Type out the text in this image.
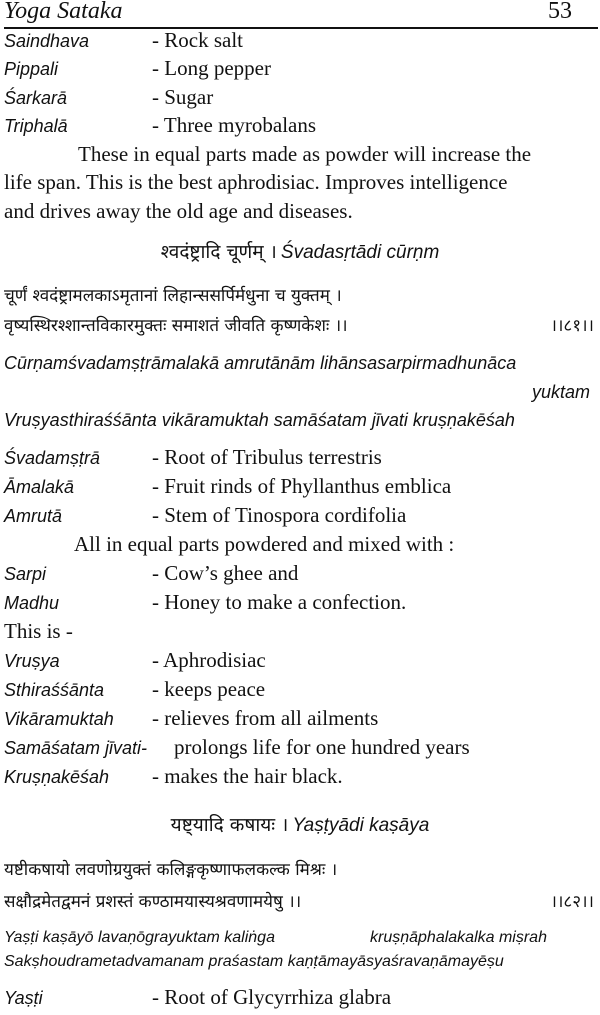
Yoga Sataka	53
Saindhava	- Rock salt
Pippali	- Long pepper
Śarkarā	- Sugar
Triphalā	- Three myrobalans
These in equal parts made as powder will increase the
life span. This is the best aphrodisiac. Improves intelligence
and drives away the old age and diseases.
श्वदंष्ट्रादि चूर्णम् । Śvadasṛtādi cūrṇm
चूर्णं श्वदंष्ट्रामलकाऽमृतानां लिहान्ससर्पिर्मधुना च युक्तम् ।
वृष्यस्थिरश्शान्तविकारमुक्तः समाशतं जीवति कृष्णकेशः ।।	।।८१।।
Cūrṇamśvadamṣṭrāmalakā amrutānām lihānsasarpirmadhunāca
yuktam
Vruṣyasthiraśśānta vikāramuktah samāśatam jīvati kruṣṇakēśah
Śvadamṣṭrā - Root of Tribulus terrestris
Āmalakā	- Fruit rinds of Phyllanthus emblica
Amrutā	- Stem of Tinospora cordifolia
All in equal parts powdered and mixed with :
Sarpi	- Cow’s ghee and
Madhu	- Honey to make a confection.
This is -
Vruṣya	- Aphrodisiac
Sthiraśśānta - keeps peace
Vikāramuktah - relieves from all ailments
Samāśatam jīvati- prolongs life for one hundred years
Kruṣṇakēśah - makes the hair black.
यष्ट्यादि कषायः । Yaṣṭyādi kaṣāya
यष्टीकषायो लवणोग्रयुक्तं कलिङ्गकृष्णाफलकल्क मिश्रः ।
सक्षौद्रमेतद्वमनं प्रशस्तं कण्ठामयास्यश्रवणामयेषु ।।	।।८२।।
Yaṣṭi kaṣāyō lavaṇōgrayuktam kaliṅga	kruṣṇāphalakalka miṣrah
Sakṣhoudrametadvamanam praśastam kaṇṭāmayāsyaśravaṇāmayēṣu
Yaṣṭi	- Root of Glycyrrhiza glabra
